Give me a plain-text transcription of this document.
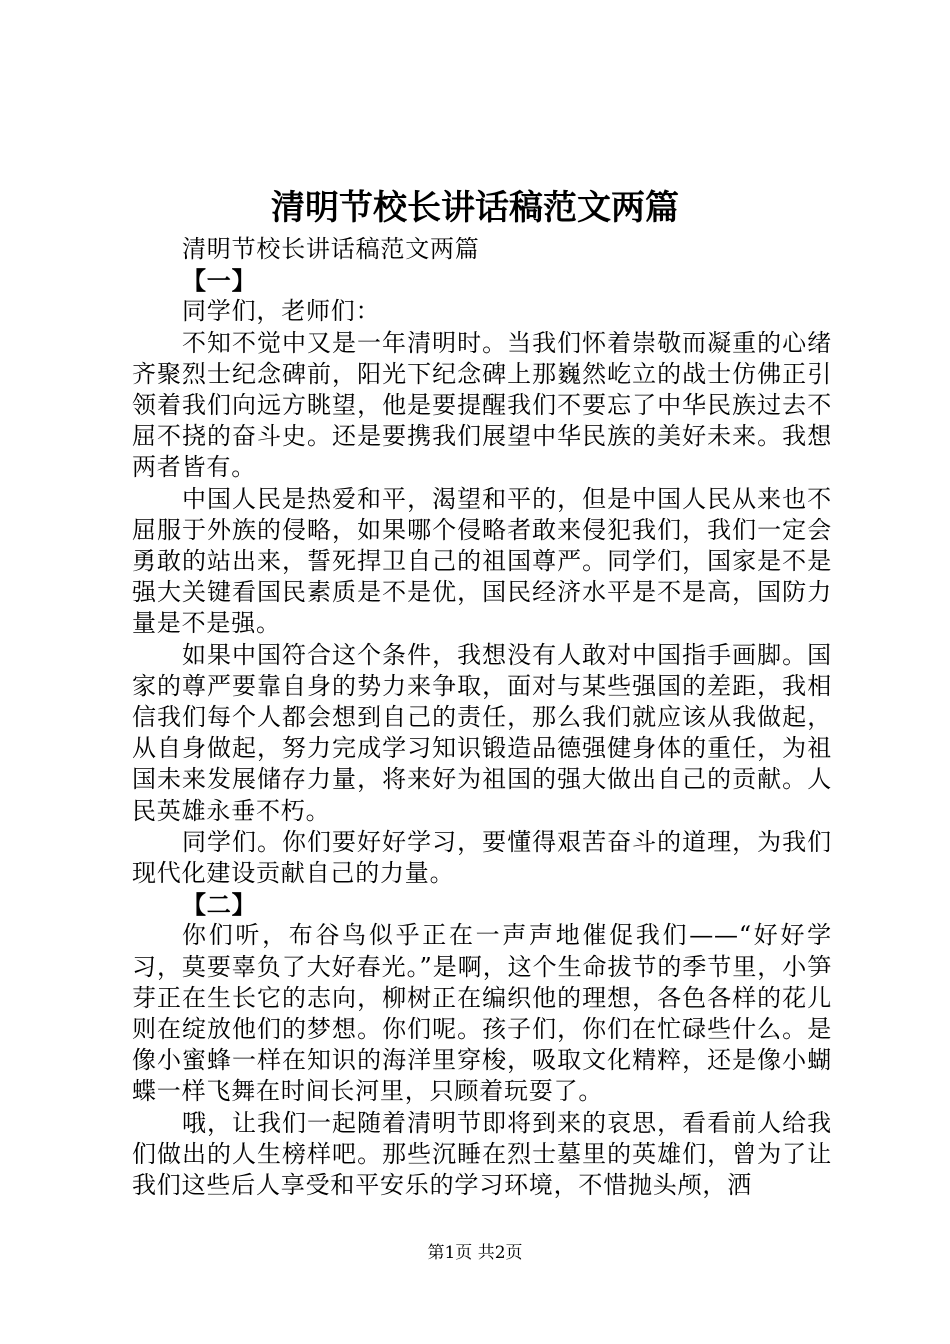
清明节校长讲话稿范文两篇

清明节校长讲话稿范文两篇

【一】

同学们，老师们：

不知不觉中又是一年清明时。当我们怀着崇敬而凝重的心绪齐聚烈士纪念碑前，阳光下纪念碑上那巍然屹立的战士仿佛正引领着我们向远方眺望，他是要提醒我们不要忘了中华民族过去不屈不挠的奋斗史。还是要携我们展望中华民族的美好未来。我想两者皆有。

中国人民是热爱和平，渴望和平的，但是中国人民从来也不屈服于外族的侵略，如果哪个侵略者敢来侵犯我们，我们一定会勇敢的站出来，誓死捍卫自己的祖国尊严。同学们，国家是不是强大关键看国民素质是不是优，国民经济水平是不是高，国防力量是不是强。

如果中国符合这个条件，我想没有人敢对中国指手画脚。国家的尊严要靠自身的势力来争取，面对与某些强国的差距，我相信我们每个人都会想到自己的责任，那么我们就应该从我做起，从自身做起，努力完成学习知识锻造品德强健身体的重任，为祖国未来发展储存力量，将来好为祖国的强大做出自己的贡献。人民英雄永垂不朽。

同学们。你们要好好学习，要懂得艰苦奋斗的道理，为我们现代化建设贡献自己的力量。

【二】

你们听，布谷鸟似乎正在一声声地催促我们——“好好学习，莫要辜负了大好春光。”是啊，这个生命拔节的季节里，小笋芽正在生长它的志向，柳树正在编织他的理想，各色各样的花儿则在绽放他们的梦想。你们呢。孩子们，你们在忙碌些什么。是像小蜜蜂一样在知识的海洋里穿梭，吸取文化精粹，还是像小蝴蝶一样飞舞在时间长河里，只顾着玩耍了。

哦，让我们一起随着清明节即将到来的哀思，看看前人给我们做出的人生榜样吧。那些沉睡在烈士墓里的英雄们，曾为了让我们这些后人享受和平安乐的学习环境，不惜抛头颅，洒

第1页 共2页
